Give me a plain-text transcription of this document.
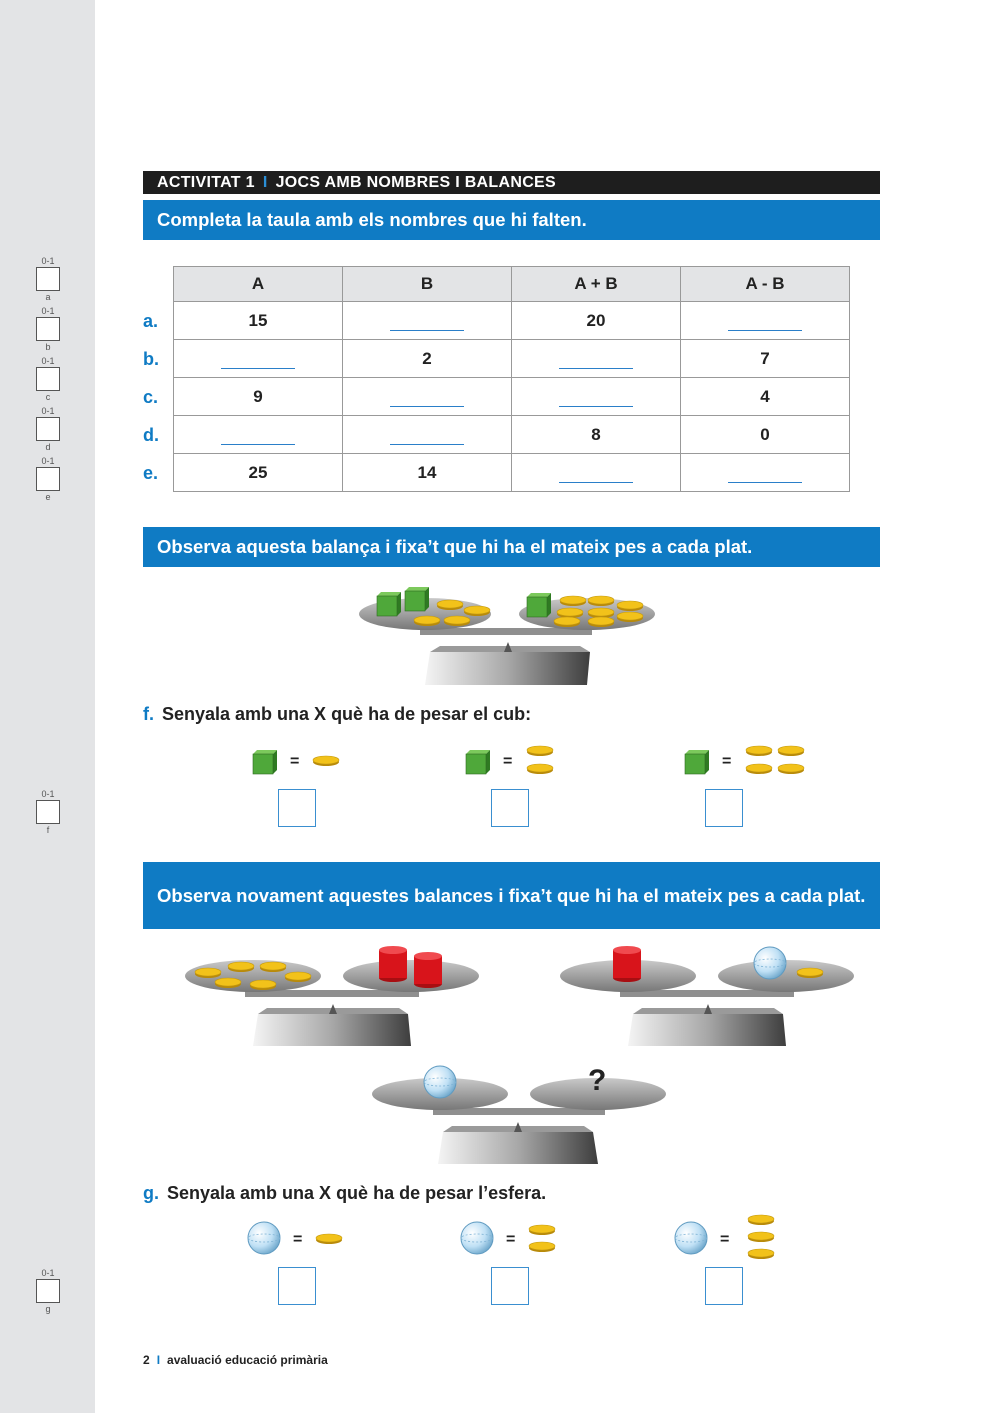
0-1
a
0-1
b
0-1
c
0-1
d
0-1
e
0-1
f
0-1
g
ACTIVITAT 1 I JOCS AMB NOMBRES I BALANCES
Completa la taula amb els nombres que hi falten.
a.
b.
c.
d.
e.
A	B	A + B	A - B
15		20	
	2		7
9			4
		8	0
25	14		
Observa aquesta balança i fixa’t que hi ha el mateix pes a cada plat.
f. Senyala amb una X què ha de pesar el cub:
=	=	=
Observa novament aquestes balances i fixa’t que hi ha el mateix pes a cada plat.
?
g. Senyala amb una X què ha de pesar l’esfera.
=	=	=
2 I avaluació educació primària
